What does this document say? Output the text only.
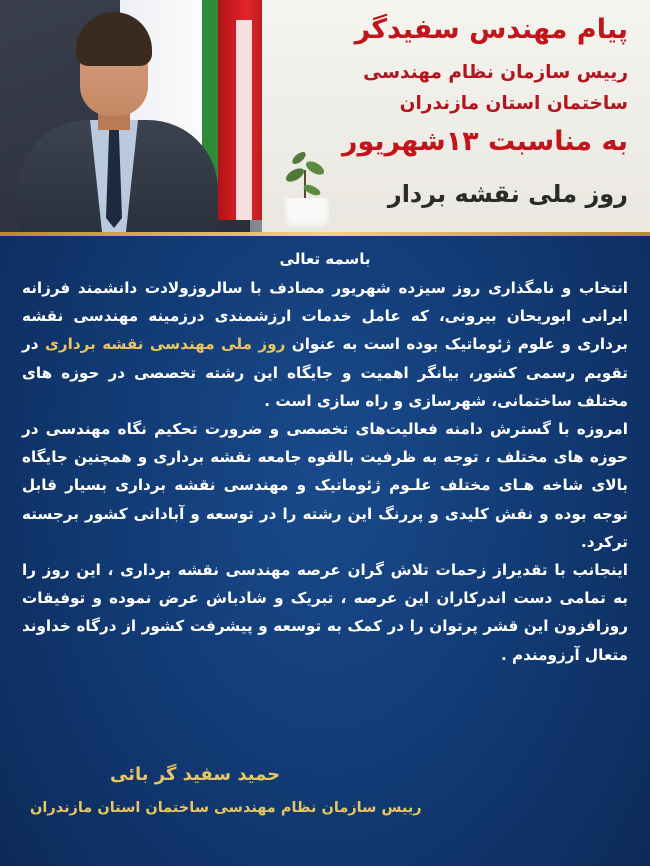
پیام مهندس سفیدگر

رییس سازمان نظام مهندسی

ساختمان استان مازندران

به مناسبت ۱۳شهریور

روز ملی نقشه بردار

باسمه تعالی

انتخاب و نامگذاری روز سیزده شهریور مصادف با سالروزولادت دانشمند فرزانه ایرانی ابوریحان بیرونی، که عامل خدمات ارزشمندی درزمینه مهندسی نقشه برداری و علوم ژئوماتیک بوده است به عنوان روز ملی مهندسی نقشه برداری در تقویم رسمی کشور، بیانگر اهمیت و جایگاه این رشته تخصصی در حوزه های مختلف ساختمانی، شهرسازی و راه سازی است .

امروزه با گسترش دامنه فعالیت‌های تخصصی و ضرورت تحکیم نگاه مهندسی در حوزه های مختلف ، توجه به ظرفیت بالقوه جامعه نقشه برداری و همچنین جایگاه بالای شاخه هـای مختلف علـوم ژئوماتیک و مهندسی نقشه برداری بسیار قابل توجه بوده و نقش کلیدی و پررنگ این رشته را در توسعه و آبادانی کشور برجسته ترکرد.

اینجانب با تقدیراز زحمات تلاش گران عرصه مهندسی نقشه برداری ، این روز را به تمامی دست اندرکاران این عرصه ، تبریک و شادباش عرض نموده و توفیقات روزافزون این قشر پرتوان را در کمک به توسعه و پیشرفت کشور از درگاه خداوند متعال آرزومندم .

حمید سفید گر بائی
رییس سازمان نظام مهندسی ساختمان استان مازندران
